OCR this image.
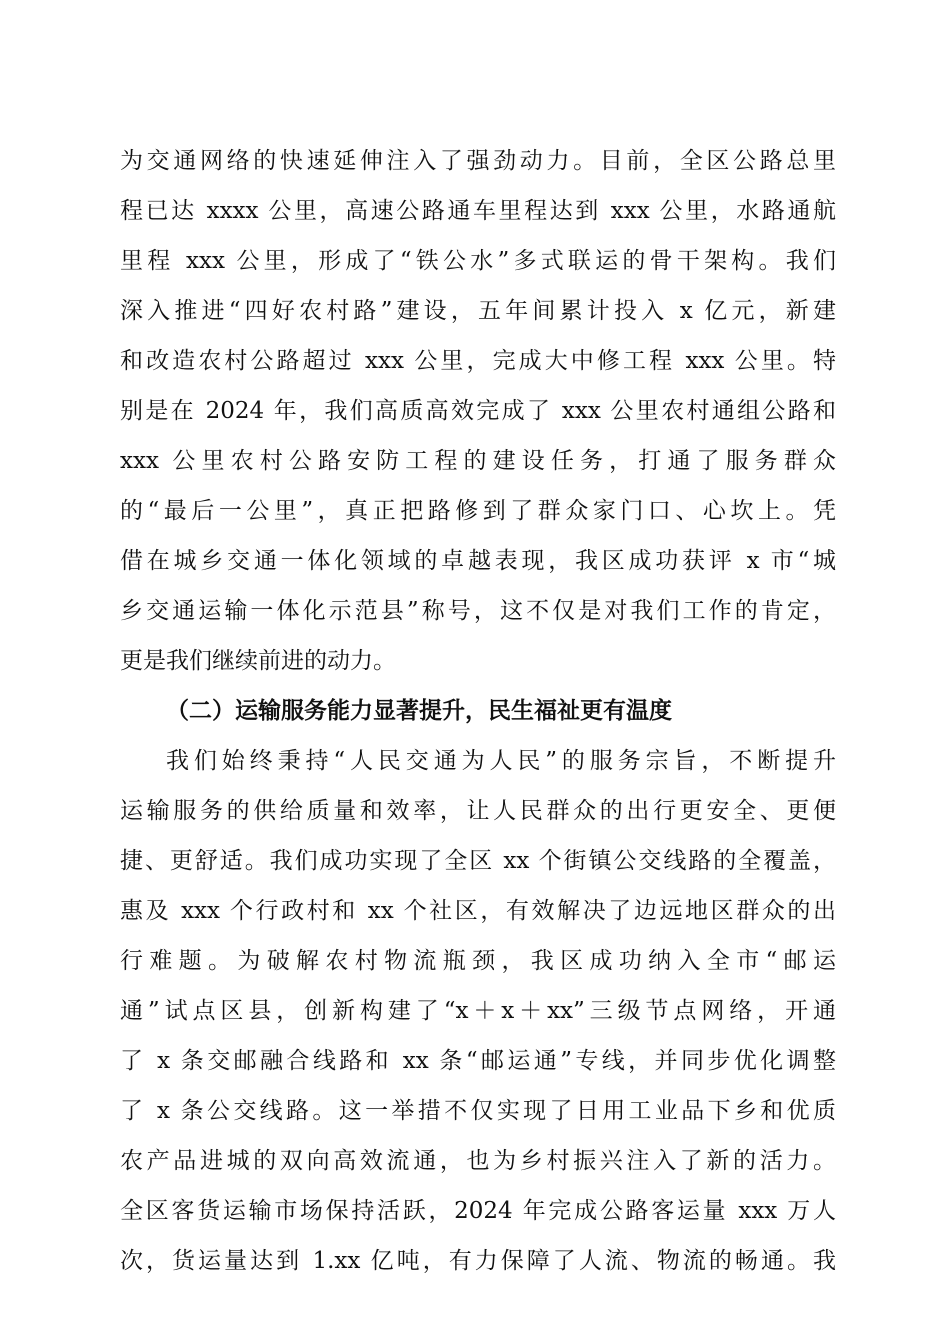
为交通网络的快速延伸注入了强劲动力。目前，全区公路总里
程已达 xxxx 公里，高速公路通车里程达到 xxx 公里，水路通航
里程 xxx 公里，形成了“铁公水”多式联运的骨干架构。我们
深入推进“四好农村路”建设，五年间累计投入 x 亿元，新建
和改造农村公路超过 xxx 公里，完成大中修工程 xxx 公里。特
别是在 2024 年，我们高质高效完成了 xxx 公里农村通组公路和
xxx 公里农村公路安防工程的建设任务，打通了服务群众
的“最后一公里”，真正把路修到了群众家门口、心坎上。凭
借在城乡交通一体化领域的卓越表现，我区成功获评 x 市“城
乡交通运输一体化示范县”称号，这不仅是对我们工作的肯定，
更是我们继续前进的动力。
（二）运输服务能力显著提升，民生福祉更有温度
我们始终秉持“人民交通为人民”的服务宗旨，不断提升
运输服务的供给质量和效率，让人民群众的出行更安全、更便
捷、更舒适。我们成功实现了全区 xx 个街镇公交线路的全覆盖，
惠及 xxx 个行政村和 xx 个社区，有效解决了边远地区群众的出
行难题。为破解农村物流瓶颈，我区成功纳入全市“邮运
通”试点区县，创新构建了“x＋x＋xx”三级节点网络，开通
了 x 条交邮融合线路和 xx 条“邮运通”专线，并同步优化调整
了 x 条公交线路。这一举措不仅实现了日用工业品下乡和优质
农产品进城的双向高效流通，也为乡村振兴注入了新的活力。
全区客货运输市场保持活跃，2024 年完成公路客运量 xxx 万人
次，货运量达到 1.xx 亿吨，有力保障了人流、物流的畅通。我
